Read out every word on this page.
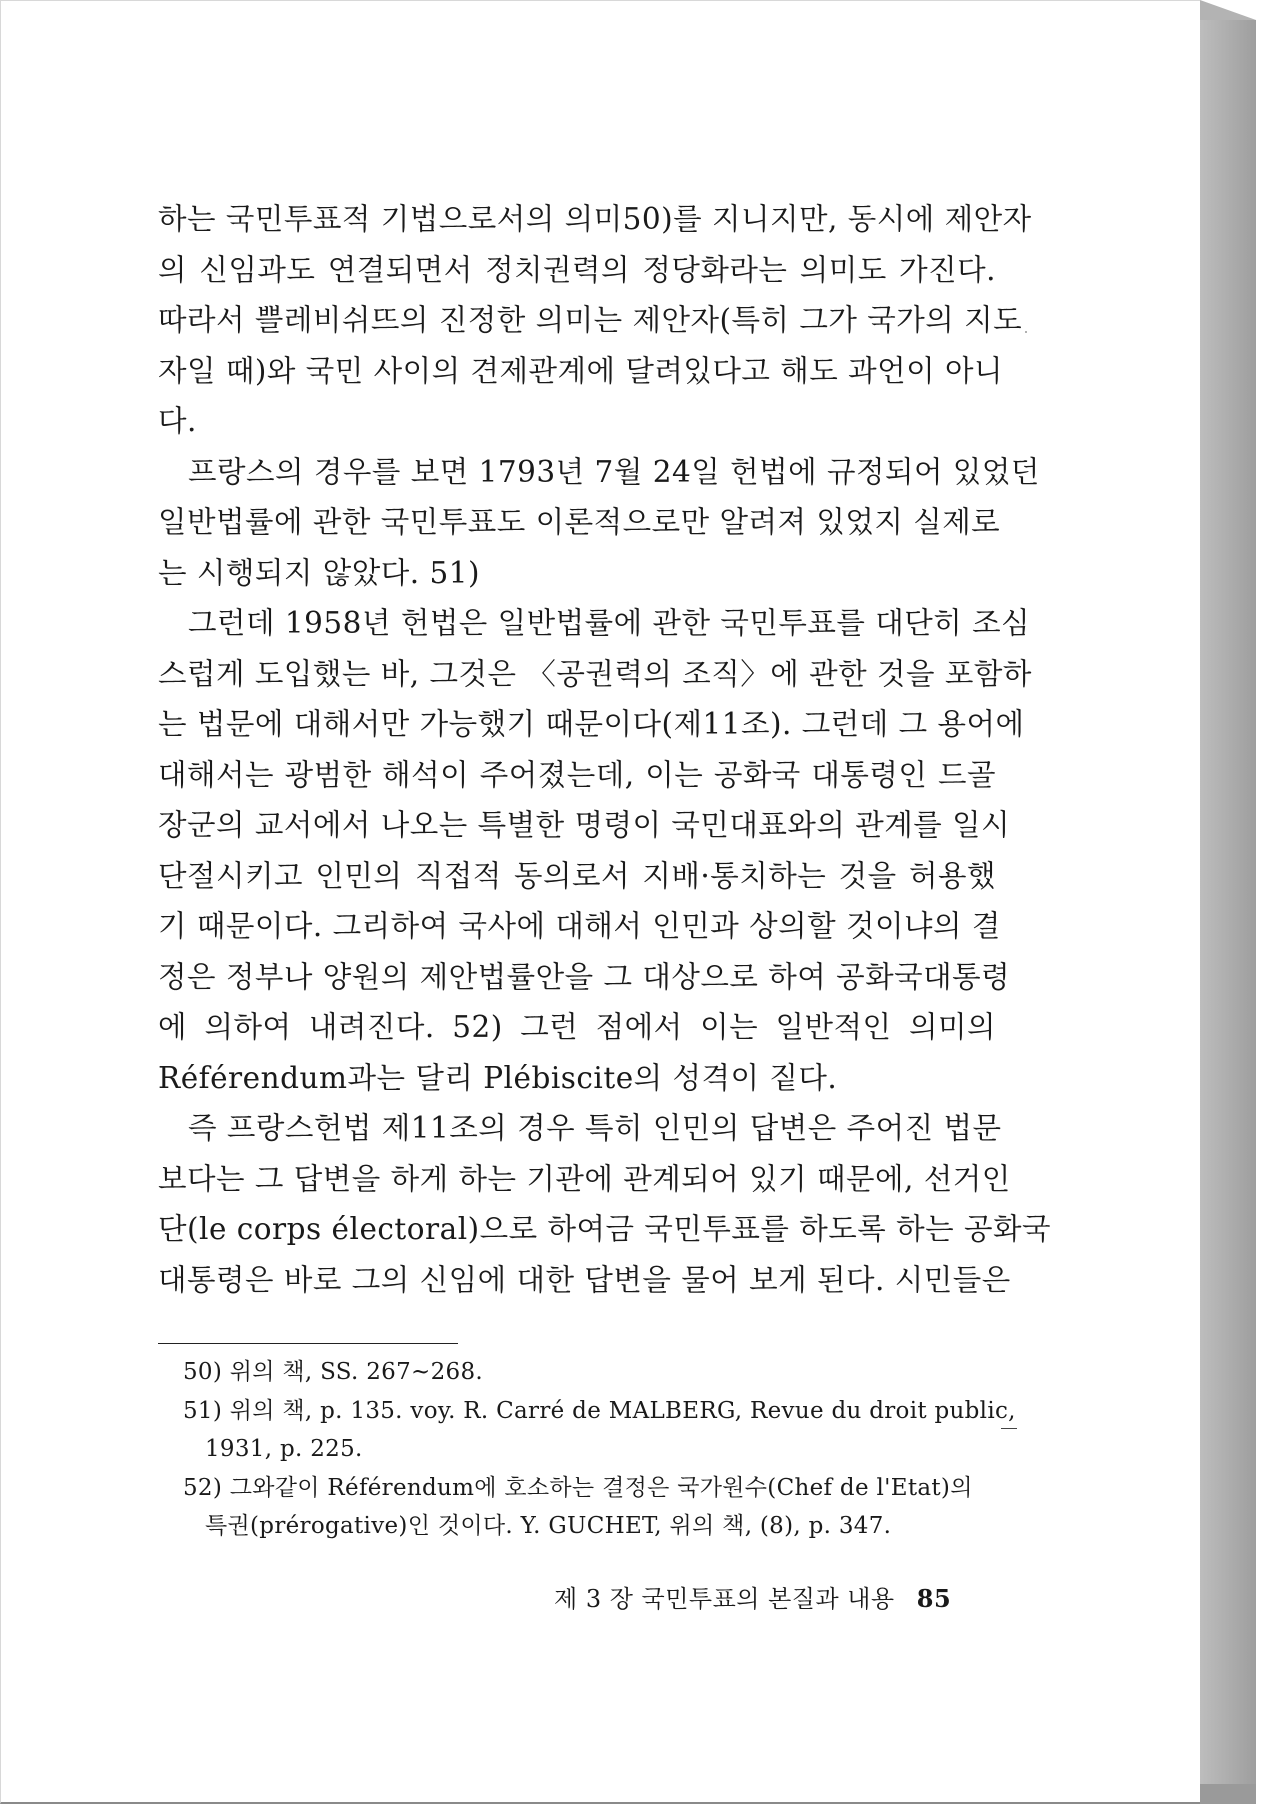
하는 국민투표적 기법으로서의 의미50)를 지니지만, 동시에 제안자
의 신임과도 연결되면서 정치권력의 정당화라는 의미도 가진다.
따라서 쁠레비쉬뜨의 진정한 의미는 제안자(특히 그가 국가의 지도
자일 때)와 국민 사이의 견제관계에 달려있다고 해도 과언이 아니
다.
프랑스의 경우를 보면 1793년 7월 24일 헌법에 규정되어 있었던
일반법률에 관한 국민투표도 이론적으로만 알려져 있었지 실제로
는 시행되지 않았다. 51)
그런데 1958년 헌법은 일반법률에 관한 국민투표를 대단히 조심
스럽게 도입했는 바, 그것은 〈공권력의 조직〉에 관한 것을 포함하
는 법문에 대해서만 가능했기 때문이다(제11조). 그런데 그 용어에
대해서는 광범한 해석이 주어졌는데, 이는 공화국 대통령인 드골
장군의 교서에서 나오는 특별한 명령이 국민대표와의 관계를 일시
단절시키고 인민의 직접적 동의로서 지배·통치하는 것을 허용했
기 때문이다. 그리하여 국사에 대해서 인민과 상의할 것이냐의 결
정은 정부나 양원의 제안법률안을 그 대상으로 하여 공화국대통령
에 의하여 내려진다. 52) 그런 점에서 이는 일반적인 의미의
Référendum과는 달리 Plébiscite의 성격이 짙다.
즉 프랑스헌법 제11조의 경우 특히 인민의 답변은 주어진 법문
보다는 그 답변을 하게 하는 기관에 관계되어 있기 때문에, 선거인
단(le corps électoral)으로 하여금 국민투표를 하도록 하는 공화국
대통령은 바로 그의 신임에 대한 답변을 물어 보게 된다. 시민들은
50) 위의 책, SS. 267~268.
51) 위의 책, p. 135. voy. R. Carré de MALBERG, Revue du droit public,
1931, p. 225.
52) 그와같이 Référendum에 호소하는 결정은 국가원수(Chef de l'Etat)의
특권(prérogative)인 것이다. Y. GUCHET, 위의 책, (8), p. 347.
제 3 장 국민투표의 본질과 내용 85
